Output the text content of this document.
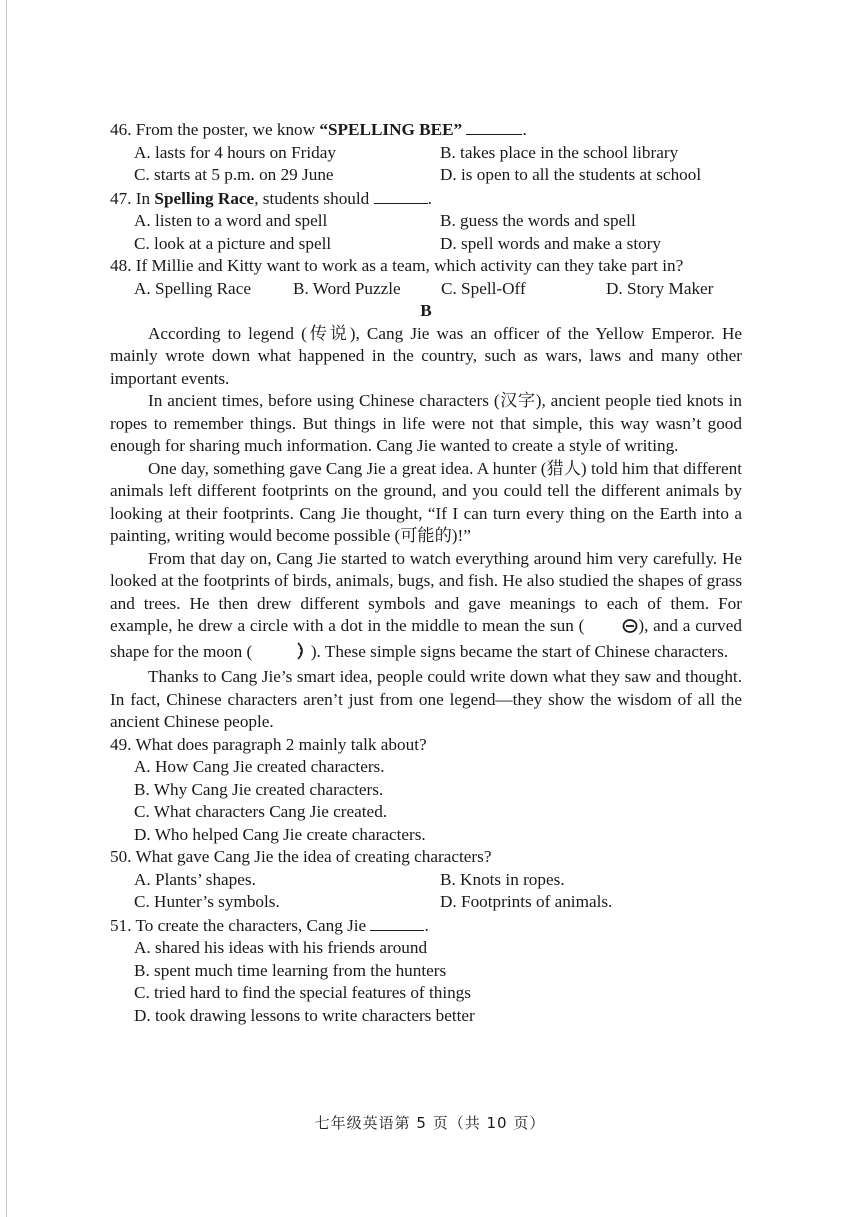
46. From the poster, we know “SPELLING BEE”	.

A. lasts for 4 hours on Friday	B. takes place in the school library
C. starts at 5 p.m. on 29 June	D. is open to all the students at school

47. In Spelling Race, students should	.

A. listen to a word and spell	B. guess the words and spell
C. look at a picture and spell	D. spell words and make a story

48. If Millie and Kitty want to work as a team, which activity can they take part in?

A. Spelling Race	B. Word Puzzle	C. Spell-Off	D. Story Maker

B

According to legend (传说), Cang Jie was an officer of the Yellow Emperor. He mainly wrote down what happened in the country, such as wars, laws and many other important events.

In ancient times, before using Chinese characters (汉字), ancient people tied knots in ropes to remember things. But things in life were not that simple, this way wasn’t good enough for sharing much information. Cang Jie wanted to create a style of writing.

One day, something gave Cang Jie a great idea. A hunter (猎人) told him that different animals left different footprints on the ground, and you could tell the different animals by looking at their footprints. Cang Jie thought, “If I can turn every thing on the Earth into a painting, writing would become possible (可能的)!”

From that day on, Cang Jie started to watch everything around him very carefully. He looked at the footprints of birds, animals, bugs, and fish. He also studied the shapes of grass and trees. He then drew different symbols and gave meanings to each of them. For example, he drew a circle with a dot in the middle to mean the sun (	), and a curved shape for the moon (	). These simple signs became the start of Chinese characters.

Thanks to Cang Jie’s smart idea, people could write down what they saw and thought. In fact, Chinese characters aren’t just from one legend—they show the wisdom of all the ancient Chinese people.

49. What does paragraph 2 mainly talk about?

A. How Cang Jie created characters.
B. Why Cang Jie created characters.
C. What characters Cang Jie created.
D. Who helped Cang Jie create characters.

50. What gave Cang Jie the idea of creating characters?

A. Plants’ shapes.	B. Knots in ropes.
C. Hunter’s symbols.	D. Footprints of animals.

51. To create the characters, Cang Jie	.

A. shared his ideas with his friends around
B. spent much time learning from the hunters
C. tried hard to find the special features of things
D. took drawing lessons to write characters better
七年级英语第 5 页（共 10 页）
